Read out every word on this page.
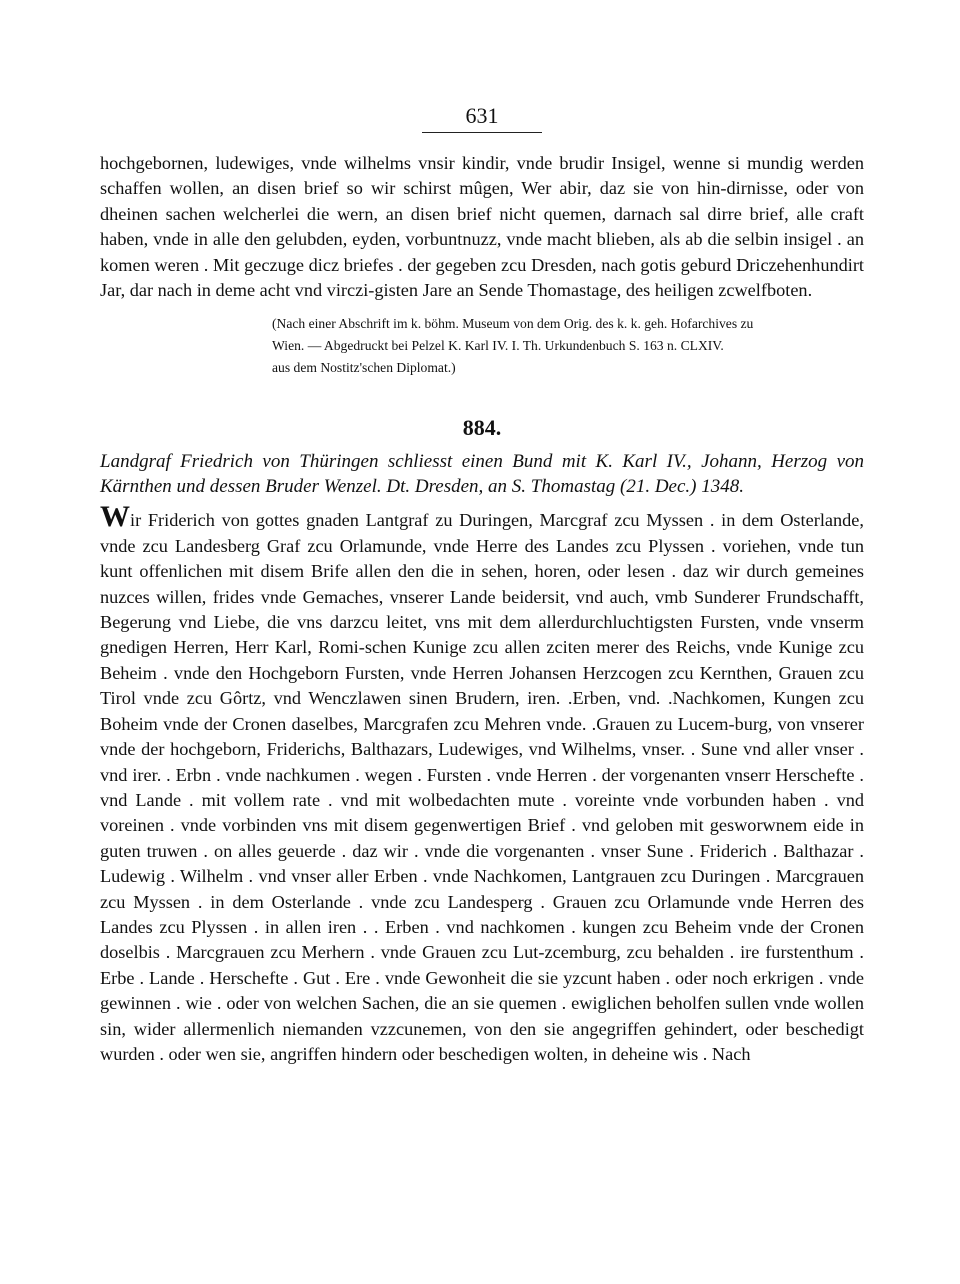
631

hochgebornen, ludewiges, vnde wilhelms vnsir kindir, vnde brudir Insigel, wenne si mundig werden schaffen wollen, an disen brief so wir schirst mûgen, Wer abir, daz sie von hin-dirnisse, oder von dheinen sachen welcherlei die wern, an disen brief nicht quemen, darnach sal dirre brief, alle craft haben, vnde in alle den gelubden, eyden, vorbuntnuzz, vnde macht blieben, als ab die selbin insigel . an komen weren . Mit geczuge dicz briefes . der gegeben zcu Dresden, nach gotis geburd Driczehenhundirt Jar, dar nach in deme acht vnd virczi-gisten Jare an Sende Thomastage, des heiligen zcwelfboten.

(Nach einer Abschrift im k. böhm. Museum von dem Orig. des k. k. geh. Hofarchives zu
Wien. — Abgedruckt bei Pelzel K. Karl IV. I. Th. Urkundenbuch S. 163 n. CLXIV.
aus dem Nostitz'schen Diplomat.)
884.

Landgraf Friedrich von Thüringen schliesst einen Bund mit K. Karl IV., Johann, Herzog von Kärnthen und dessen Bruder Wenzel. Dt. Dresden, an S. Thomastag (21. Dec.) 1348.

Wir Friderich von gottes gnaden Lantgraf zu Duringen, Marcgraf zcu Myssen . in dem Osterlande, vnde zcu Landesberg Graf zcu Orlamunde, vnde Herre des Landes zcu Plyssen . voriehen, vnde tun kunt offenlichen mit disem Brife allen den die in sehen, horen, oder lesen . daz wir durch gemeines nuzces willen, frides vnde Gemaches, vnserer Lande beidersit, vnd auch, vmb Sunderer Frundschafft, Begerung vnd Liebe, die vns darzcu leitet, vns mit dem allerdurchluchtigsten Fursten, vnde vnserm gnedigen Herren, Herr Karl, Romi-schen Kunige zcu allen zciten merer des Reichs, vnde Kunige zcu Beheim . vnde den Hochgeborn Fursten, vnde Herren Johansen Herzcogen zcu Kernthen, Grauen zcu Tirol vnde zcu Gôrtz, vnd Wenczlawen sinen Brudern, iren. .Erben, vnd. .Nachkomen, Kungen zcu Boheim vnde der Cronen daselbes, Marcgrafen zcu Mehren vnde. .Grauen zu Lucem-burg, von vnserer vnde der hochgeborn, Friderichs, Balthazars, Ludewiges, vnd Wilhelms, vnser. . Sune vnd aller vnser . vnd irer. . Erbn . vnde nachkumen . wegen . Fursten . vnde Herren . der vorgenanten vnserr Herschefte . vnd Lande . mit vollem rate . vnd mit wolbedachten mute . voreinte vnde vorbunden haben . vnd voreinen . vnde vorbinden vns mit disem gegenwertigen Brief . vnd geloben mit gesworwnem eide in guten truwen . on alles geuerde . daz wir . vnde die vorgenanten . vnser Sune . Friderich . Balthazar . Ludewig . Wilhelm . vnd vnser aller Erben . vnde Nachkomen, Lantgrauen zcu Duringen . Marcgrauen zcu Myssen . in dem Osterlande . vnde zcu Landesperg . Grauen zcu Orlamunde vnde Herren des Landes zcu Plyssen . in allen iren . . Erben . vnd nachkomen . kungen zcu Beheim vnde der Cronen doselbis . Marcgrauen zcu Merhern . vnde Grauen zcu Lut-zcemburg, zcu behalden . ire furstenthum . Erbe . Lande . Herschefte . Gut . Ere . vnde Gewonheit die sie yzcunt haben . oder noch erkrigen . vnde gewinnen . wie . oder von welchen Sachen, die an sie quemen . ewiglichen beholfen sullen vnde wollen sin, wider allermenlich niemanden vzzcunemen, von den sie angegriffen gehindert, oder beschedigt wurden . oder wen sie, angriffen hindern oder beschedigen wolten, in deheine wis . Nach
